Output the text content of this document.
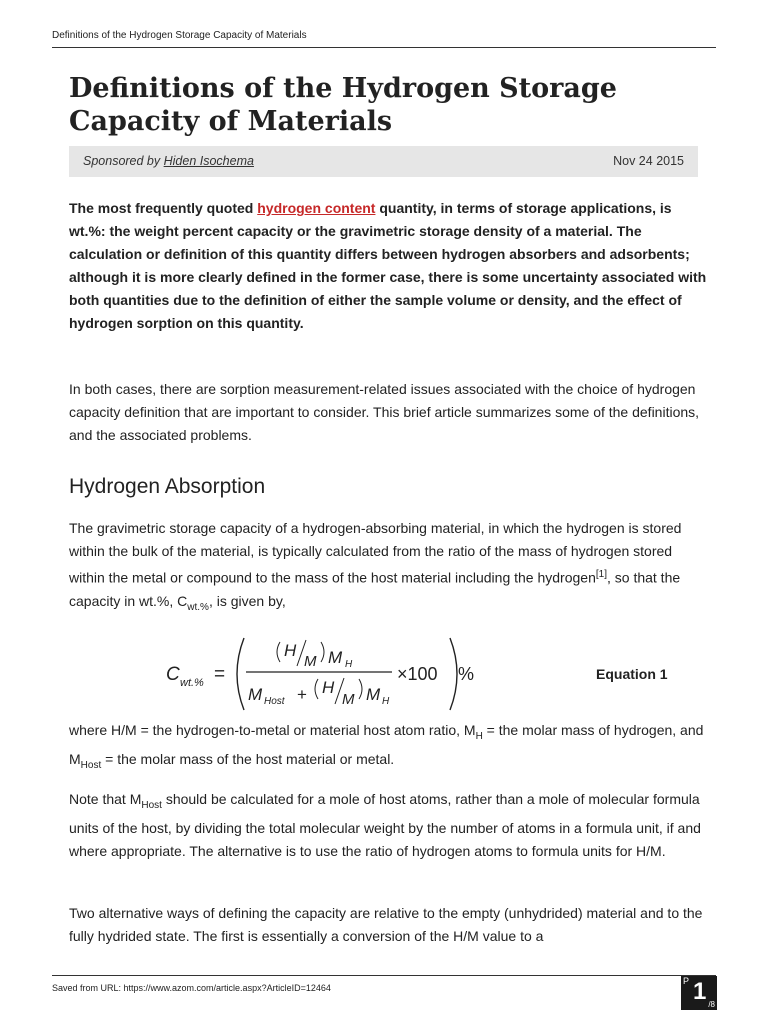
Definitions of the Hydrogen Storage Capacity of Materials
Definitions of the Hydrogen Storage
Capacity of Materials
Sponsored by Hiden Isochema	Nov 24 2015

The most frequently quoted hydrogen content quantity, in terms of storage applications, is wt.%: the weight percent capacity or the gravimetric storage density of a material. The calculation or definition of this quantity differs between hydrogen absorbers and adsorbents; although it is more clearly defined in the former case, there is some uncertainty associated with both quantities due to the definition of either the sample volume or density, and the effect of hydrogen sorption on this quantity.

In both cases, there are sorption measurement-related issues associated with the choice of hydrogen capacity definition that are important to consider. This brief article summarizes some of the definitions, and the associated problems.

Hydrogen Absorption

The gravimetric storage capacity of a hydrogen-absorbing material, in which the hydrogen is stored within the bulk of the material, is typically calculated from the ratio of the mass of hydrogen stored within the metal or compound to the mass of the host material including the hydrogen[1], so that the capacity in wt.%, $C_{wt.\%}$, is given by,

C wt.% =
H
M M H
M Host + H
M M H
×100 %	Equation 1

where H/M = the hydrogen-to-metal or material host atom ratio, $M_H$ = the molar mass of hydrogen, and $M_{Host}$ = the molar mass of the host material or metal.

Note that $M_{Host}$ should be calculated for a mole of host atoms, rather than a mole of molecular formula units of the host, by dividing the total molecular weight by the number of atoms in a formula unit, if and where appropriate. The alternative is to use the ratio of hydrogen atoms to formula units for H/M.

Two alternative ways of defining the capacity are relative to the empty (unhydrided) material and to the fully hydrided state. The first is essentially a conversion of the H/M value to a

Saved from URL: https://www.azom.com/article.aspx?ArticleID=12464
P 1 /8
